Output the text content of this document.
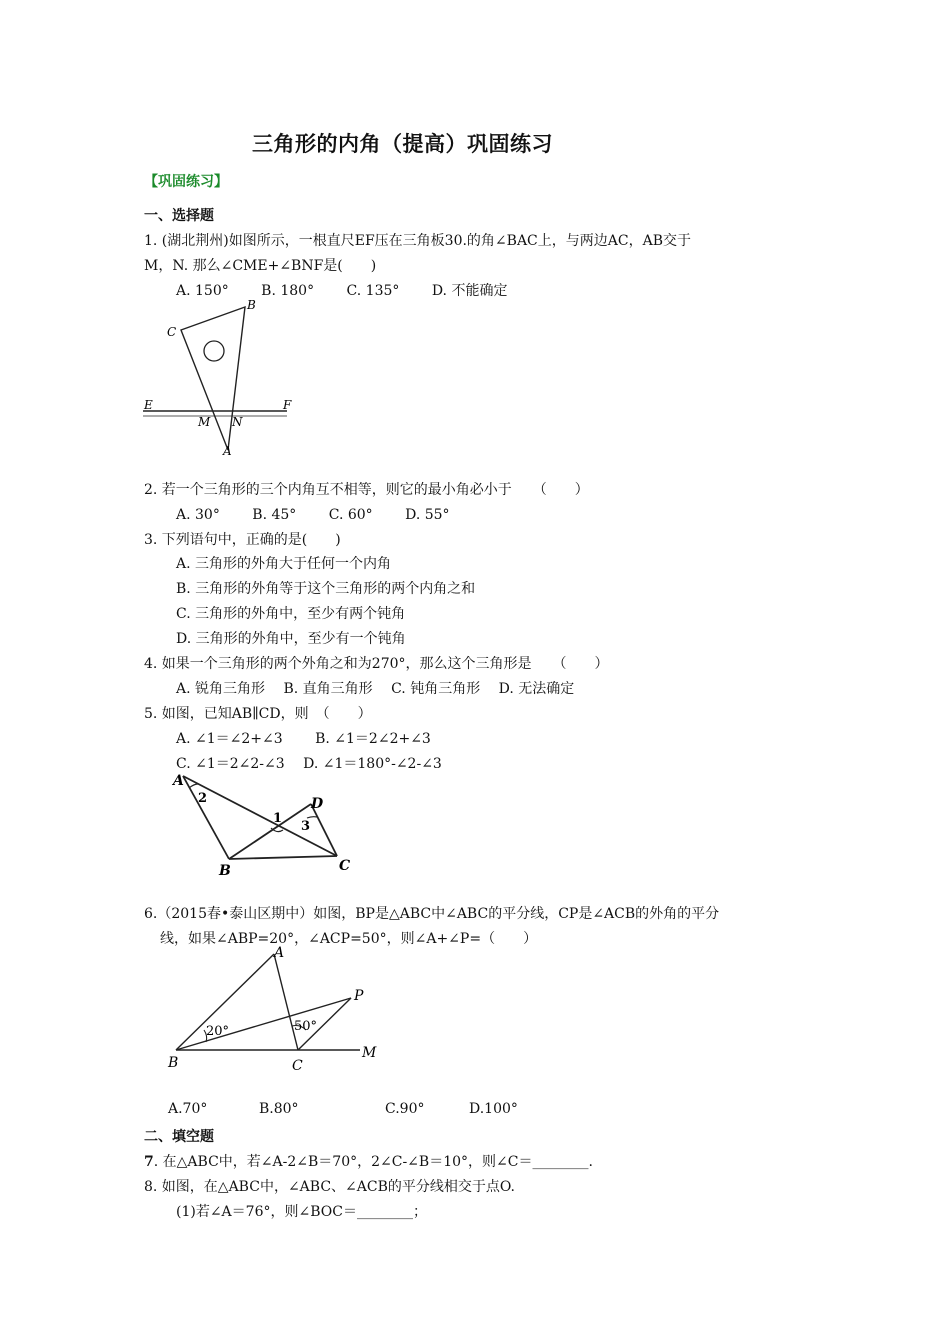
三角形的内角（提高）巩固练习
【巩固练习】
一、选择题
1. (湖北荆州)如图所示，一根直尺EF压在三角板30.的角∠BAC上，与两边AC，AB交于
M，N. 那么∠CME+∠BNF是(　　)
A. 150°　　 B. 180°　　 C. 135°　　 D. 不能确定
B
C
E	F
M N
A
2. 若一个三角形的三个内角互不相等，则它的最小角必小于　　（　　）
A. 30°　　 B. 45°　　 C. 60°　　 D. 55°
3. 下列语句中，正确的是(　　)
A. 三角形的外角大于任何一个内角
B. 三角形的外角等于这个三角形的两个内角之和
C. 三角形的外角中，至少有两个钝角
D. 三角形的外角中，至少有一个钝角
4. 如果一个三角形的两个外角之和为270°，那么这个三角形是　　（　　）
A. 锐角三角形　 B. 直角三角形　 C. 钝角三角形　 D. 无法确定
5. 如图，已知AB∥CD，则　（　　）
A. ∠1＝∠2+∠3　　 B. ∠1＝2∠2+∠3
C. ∠1＝2∠2-∠3　 D. ∠1＝180°-∠2-∠3
A
B	C
D
1
2
3
6.（2015春•泰山区期中）如图，BP是△ABC中∠ABC的平分线，CP是∠ACB的外角的平分
线，如果∠ABP=20°，∠ACP=50°，则∠A+∠P=（　　）
A
B	C
P
M
20°	50°
A.70°	B.80°	C.90°	D.100°
二、填空题
7. 在△ABC中，若∠A-2∠B＝70°，2∠C-∠B＝10°，则∠C＝________.
8. 如图，在△ABC中，∠ABC、∠ACB的平分线相交于点O.
(1)若∠A＝76°，则∠BOC＝________；
